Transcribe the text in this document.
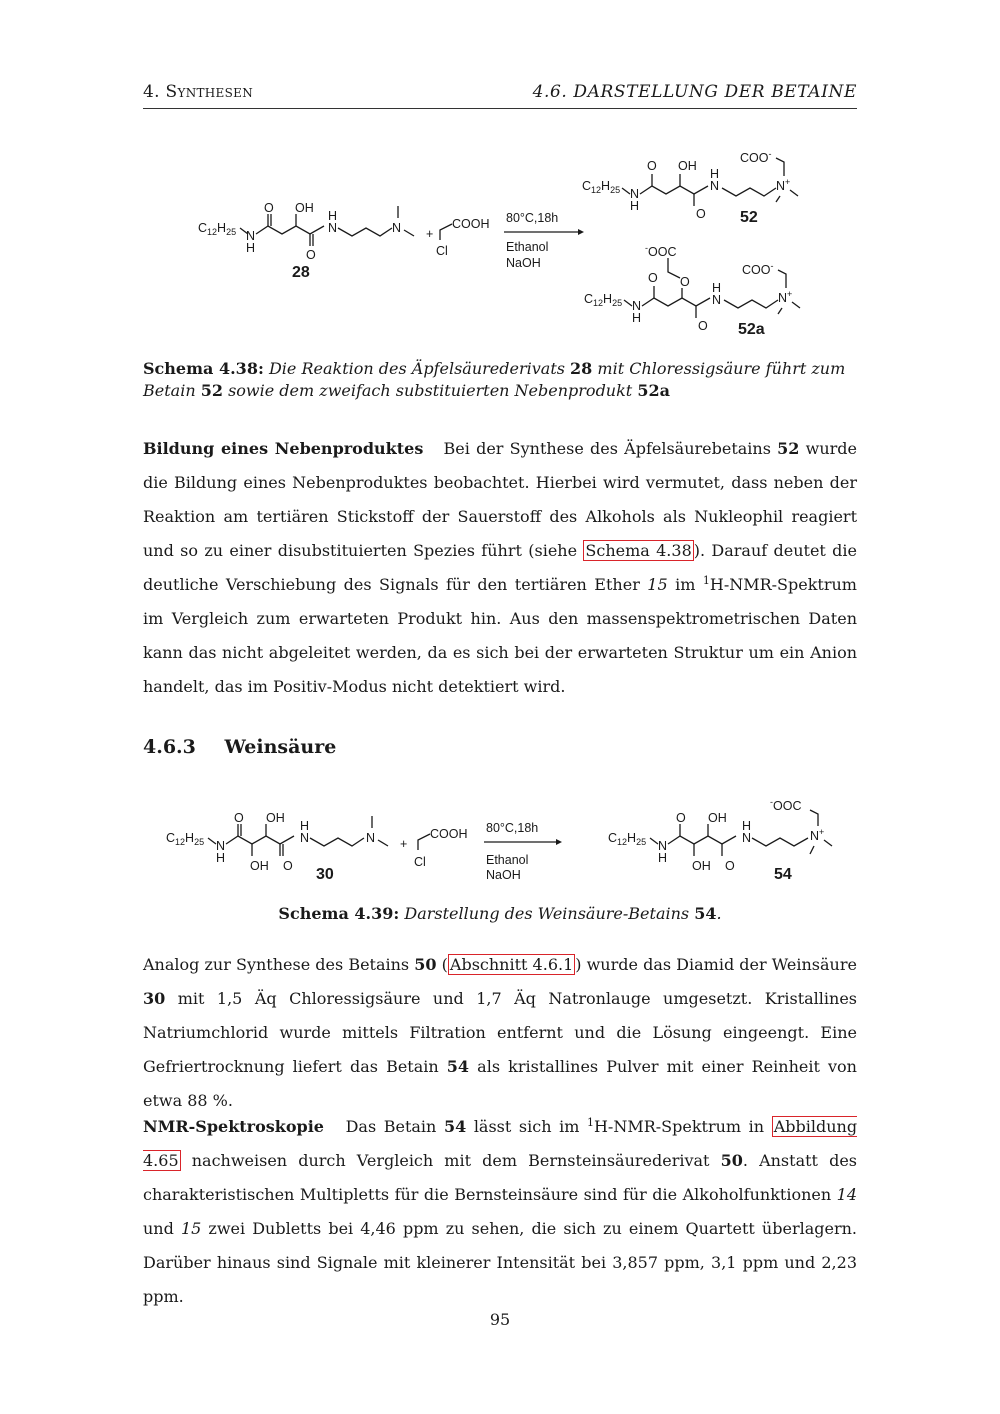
4. Synthesen	4.6. DARSTELLUNG DER BETAINE
$C_{12}H_{25}$ N
H
O OH
O
H
N	N
28
+
COOH
Cl
80°C,18h
Ethanol
NaOH
$C_{12}H_{25}$ N
H
O OH
O
H
N	N+
COO-
52
-OOC
O
$C_{12}H_{25}$ N
H
O
O
H
N	N+
COO-
52a
Schema 4.38: Die Reaktion des Äpfelsäurederivats 28 mit Chloressigsäure führt zum Betain 52 sowie dem zweifach substituierten Nebenprodukt 52a
Bildung eines Nebenproduktes Bei der Synthese des Äpfelsäurebetains 52 wurde die Bildung eines Nebenproduktes beobachtet. Hierbei wird vermutet, dass neben der Reaktion am tertiären Stickstoff der Sauerstoff des Alkohols als Nukleophil reagiert und so zu einer disubstituierten Spezies führt (siehe Schema 4.38 ). Darauf deutet die deutliche Verschiebung des Signals für den tertiären Ether 15 im $^1$H-NMR-Spektrum im Vergleich zum erwarteten Produkt hin. Aus den massenspektrometrischen Daten kann das nicht abgeleitet werden, da es sich bei der erwarteten Struktur um ein Anion handelt, das im Positiv-Modus nicht detektiert wird.
4.6.3 Weinsäure
$C_{12}H_{25}$ N
H
O OH
OH O
H
N	N
30
+
COOH
Cl
80°C,18h
Ethanol
NaOH
$C_{12}H_{25}$ N
H
O OH
OH O
H
N	N+
-OOC
54
Schema 4.39: Darstellung des Weinsäure-Betains 54.
Analog zur Synthese des Betains 50 ( Abschnitt 4.6.1 ) wurde das Diamid der Weinsäure 30 mit 1,5 Äq Chloressigsäure und 1,7 Äq Natronlauge umgesetzt. Kristallines Natriumchlorid wurde mittels Filtration entfernt und die Lösung eingeengt. Eine Gefriertrocknung liefert das Betain 54 als kristallines Pulver mit einer Reinheit von etwa 88 %.
NMR-Spektroskopie Das Betain 54 lässt sich im $^1$H-NMR-Spektrum in Abbildung 4.65 nachweisen durch Vergleich mit dem Bernsteinsäurederivat 50. Anstatt des charakteristischen Multipletts für die Bernsteinsäure sind für die Alkoholfunktionen 14 und 15 zwei Dubletts bei 4,46 ppm zu sehen, die sich zu einem Quartett überlagern. Darüber hinaus sind Signale mit kleinerer Intensität bei 3,857 ppm, 3,1 ppm und 2,23 ppm.
95
